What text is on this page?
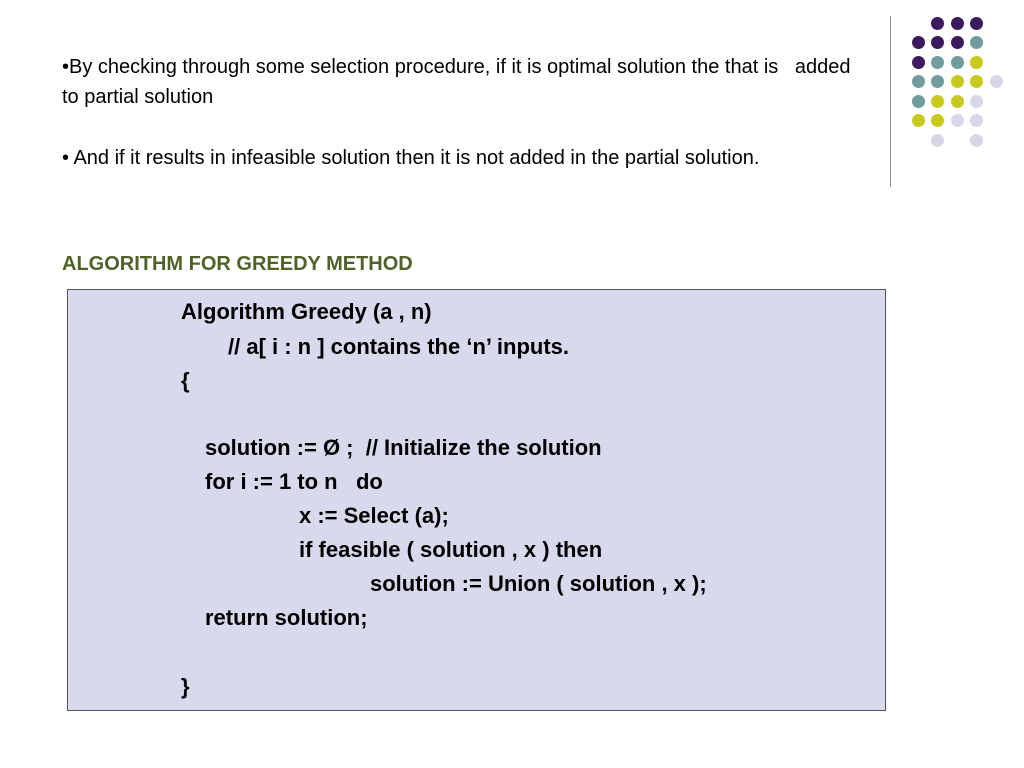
•By checking through some selection procedure, if it is optimal solution the that is   added to partial solution

• And if it results in infeasible solution then it is not added in the partial solution.

ALGORITHM FOR GREEDY METHOD
Algorithm Greedy (a , n)
// a[ i : n ] contains the ‘n’ inputs.
{
solution := Ø ;  // Initialize the solution
for i := 1 to n   do
x := Select (a);
if feasible ( solution , x ) then
solution := Union ( solution , x );
return solution;
}
